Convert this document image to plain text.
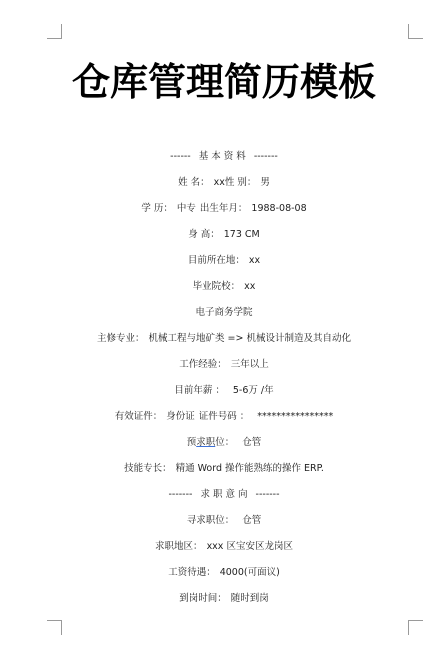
仓库管理简历模板
------ 基 本 资 料 -------
姓 名： xx性 别： 男
学 历： 中专 出生年月： 1988-08-08
身 高： 173 CM
目前所在地： xx
毕业院校： xx
电子商务学院
主修专业： 机械工程与地矿类 => 机械设计制造及其自动化
工作经验： 三年以上
目前年薪 ： 5-6万 /年
有效证件： 身份证 证件号码 ： ****************
预求职位： 仓管
技能专长： 精通 Word 操作能熟练的操作 ERP.
------- 求 职 意 向 -------
寻求职位： 仓管
求职地区： xxx 区宝安区龙岗区
工资待遇： 4000(可面议)
到岗时间： 随时到岗
